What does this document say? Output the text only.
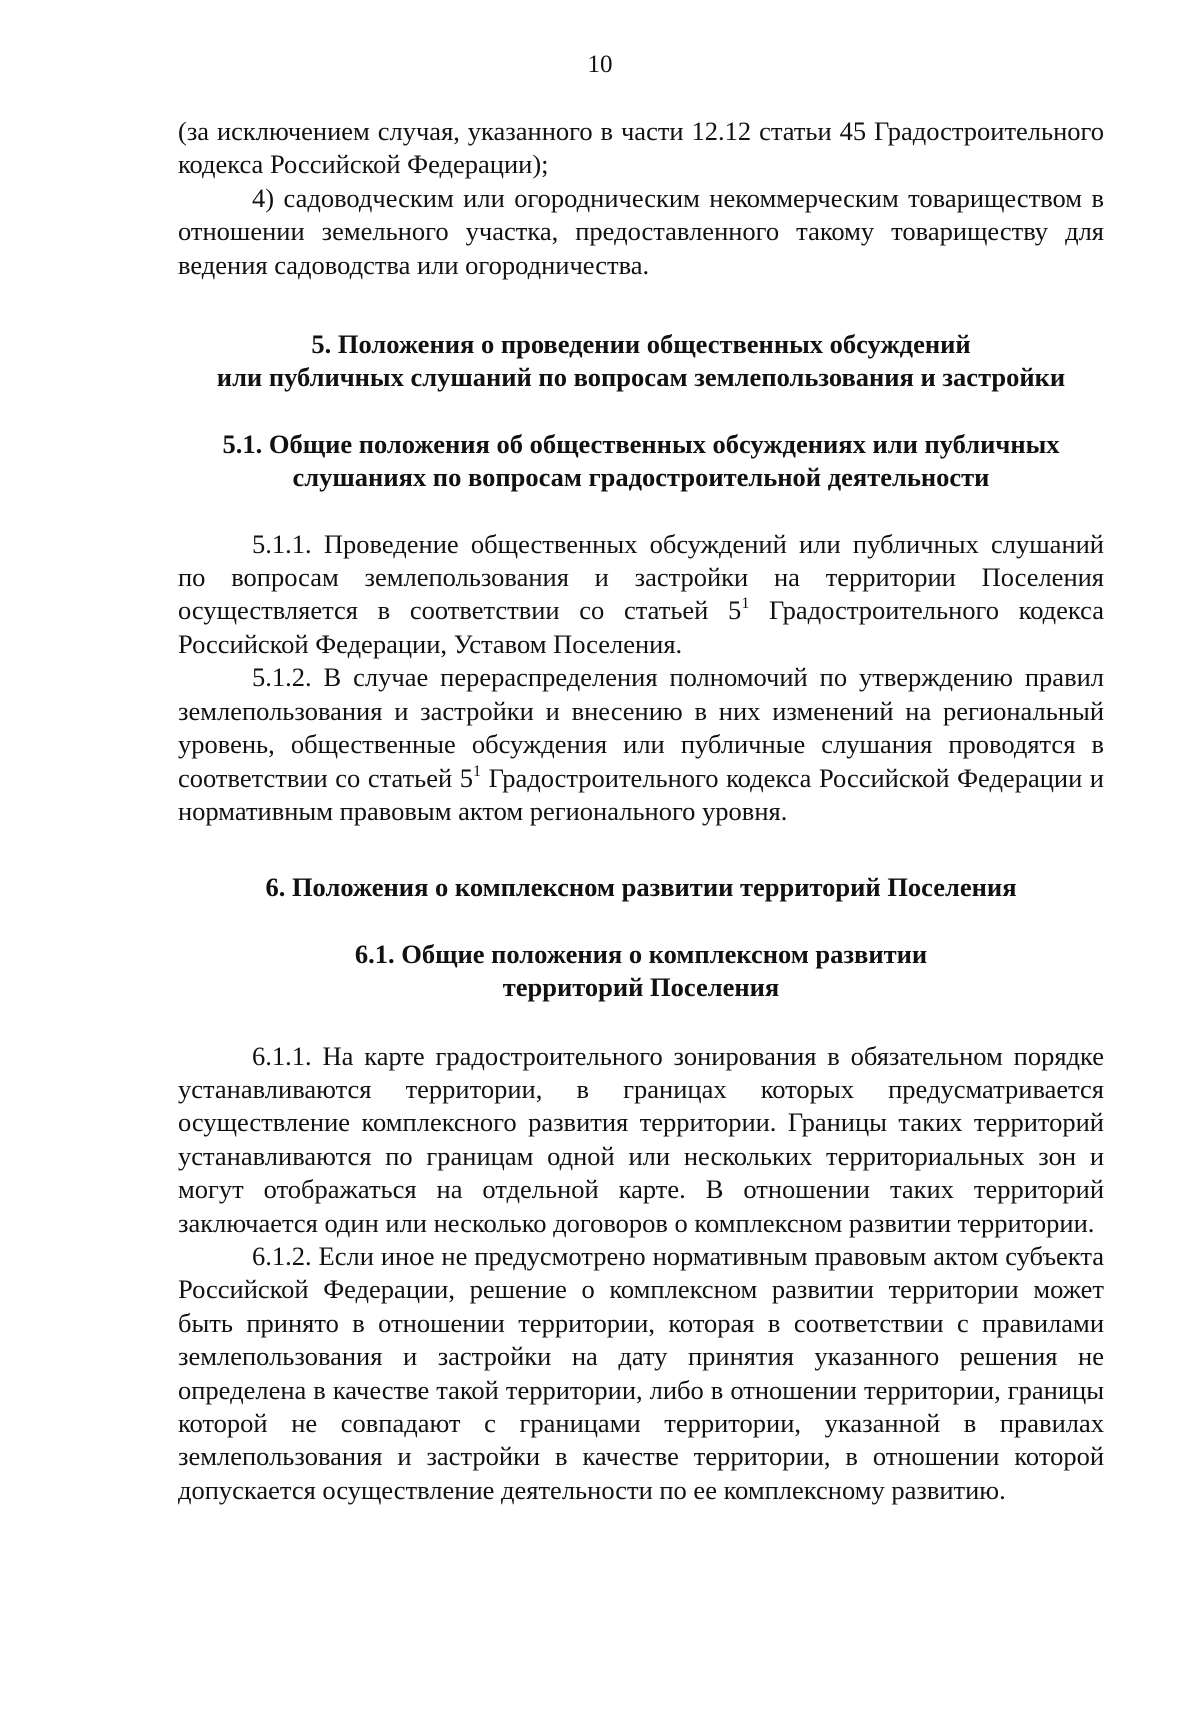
10

(за исключением случая, указанного в части 12.12 статьи 45 Градостроительного кодекса Российской Федерации);

4) садоводческим или огородническим некоммерческим товариществом в отношении земельного участка, предоставленного такому товариществу для ведения садоводства или огородничества.

5. Положения о проведении общественных обсуждений
или публичных слушаний по вопросам землепользования и застройки
5.1. Общие положения об общественных обсуждениях или публичных
слушаниях по вопросам градостроительной деятельности

5.1.1. Проведение общественных обсуждений или публичных слушаний по вопросам землепользования и застройки на территории Поселения осуществляется в соответствии со статьей $5^1$ Градостроительного кодекса Российской Федерации, Уставом Поселения.

5.1.2. В случае перераспределения полномочий по утверждению правил землепользования и застройки и внесению в них изменений на региональный уровень, общественные обсуждения или публичные слушания проводятся в соответствии со статьей $5^1$ Градостроительного кодекса Российской Федерации и нормативным правовым актом регионального уровня.

6. Положения о комплексном развитии территорий Поселения
6.1. Общие положения о комплексном развитии
территорий Поселения

6.1.1. На карте градостроительного зонирования в обязательном порядке устанавливаются территории, в границах которых предусматривается осуществление комплексного развития территории. Границы таких территорий устанавливаются по границам одной или нескольких территориальных зон и могут отображаться на отдельной карте. В отношении таких территорий заключается один или несколько договоров о комплексном развитии территории.

6.1.2. Если иное не предусмотрено нормативным правовым актом субъекта Российской Федерации, решение о комплексном развитии территории может быть принято в отношении территории, которая в соответствии с правилами землепользования и застройки на дату принятия указанного решения не определена в качестве такой территории, либо в отношении территории, границы которой не совпадают с границами территории, указанной в правилах землепользования и застройки в качестве территории, в отношении которой допускается осуществление деятельности по ее комплексному развитию.
